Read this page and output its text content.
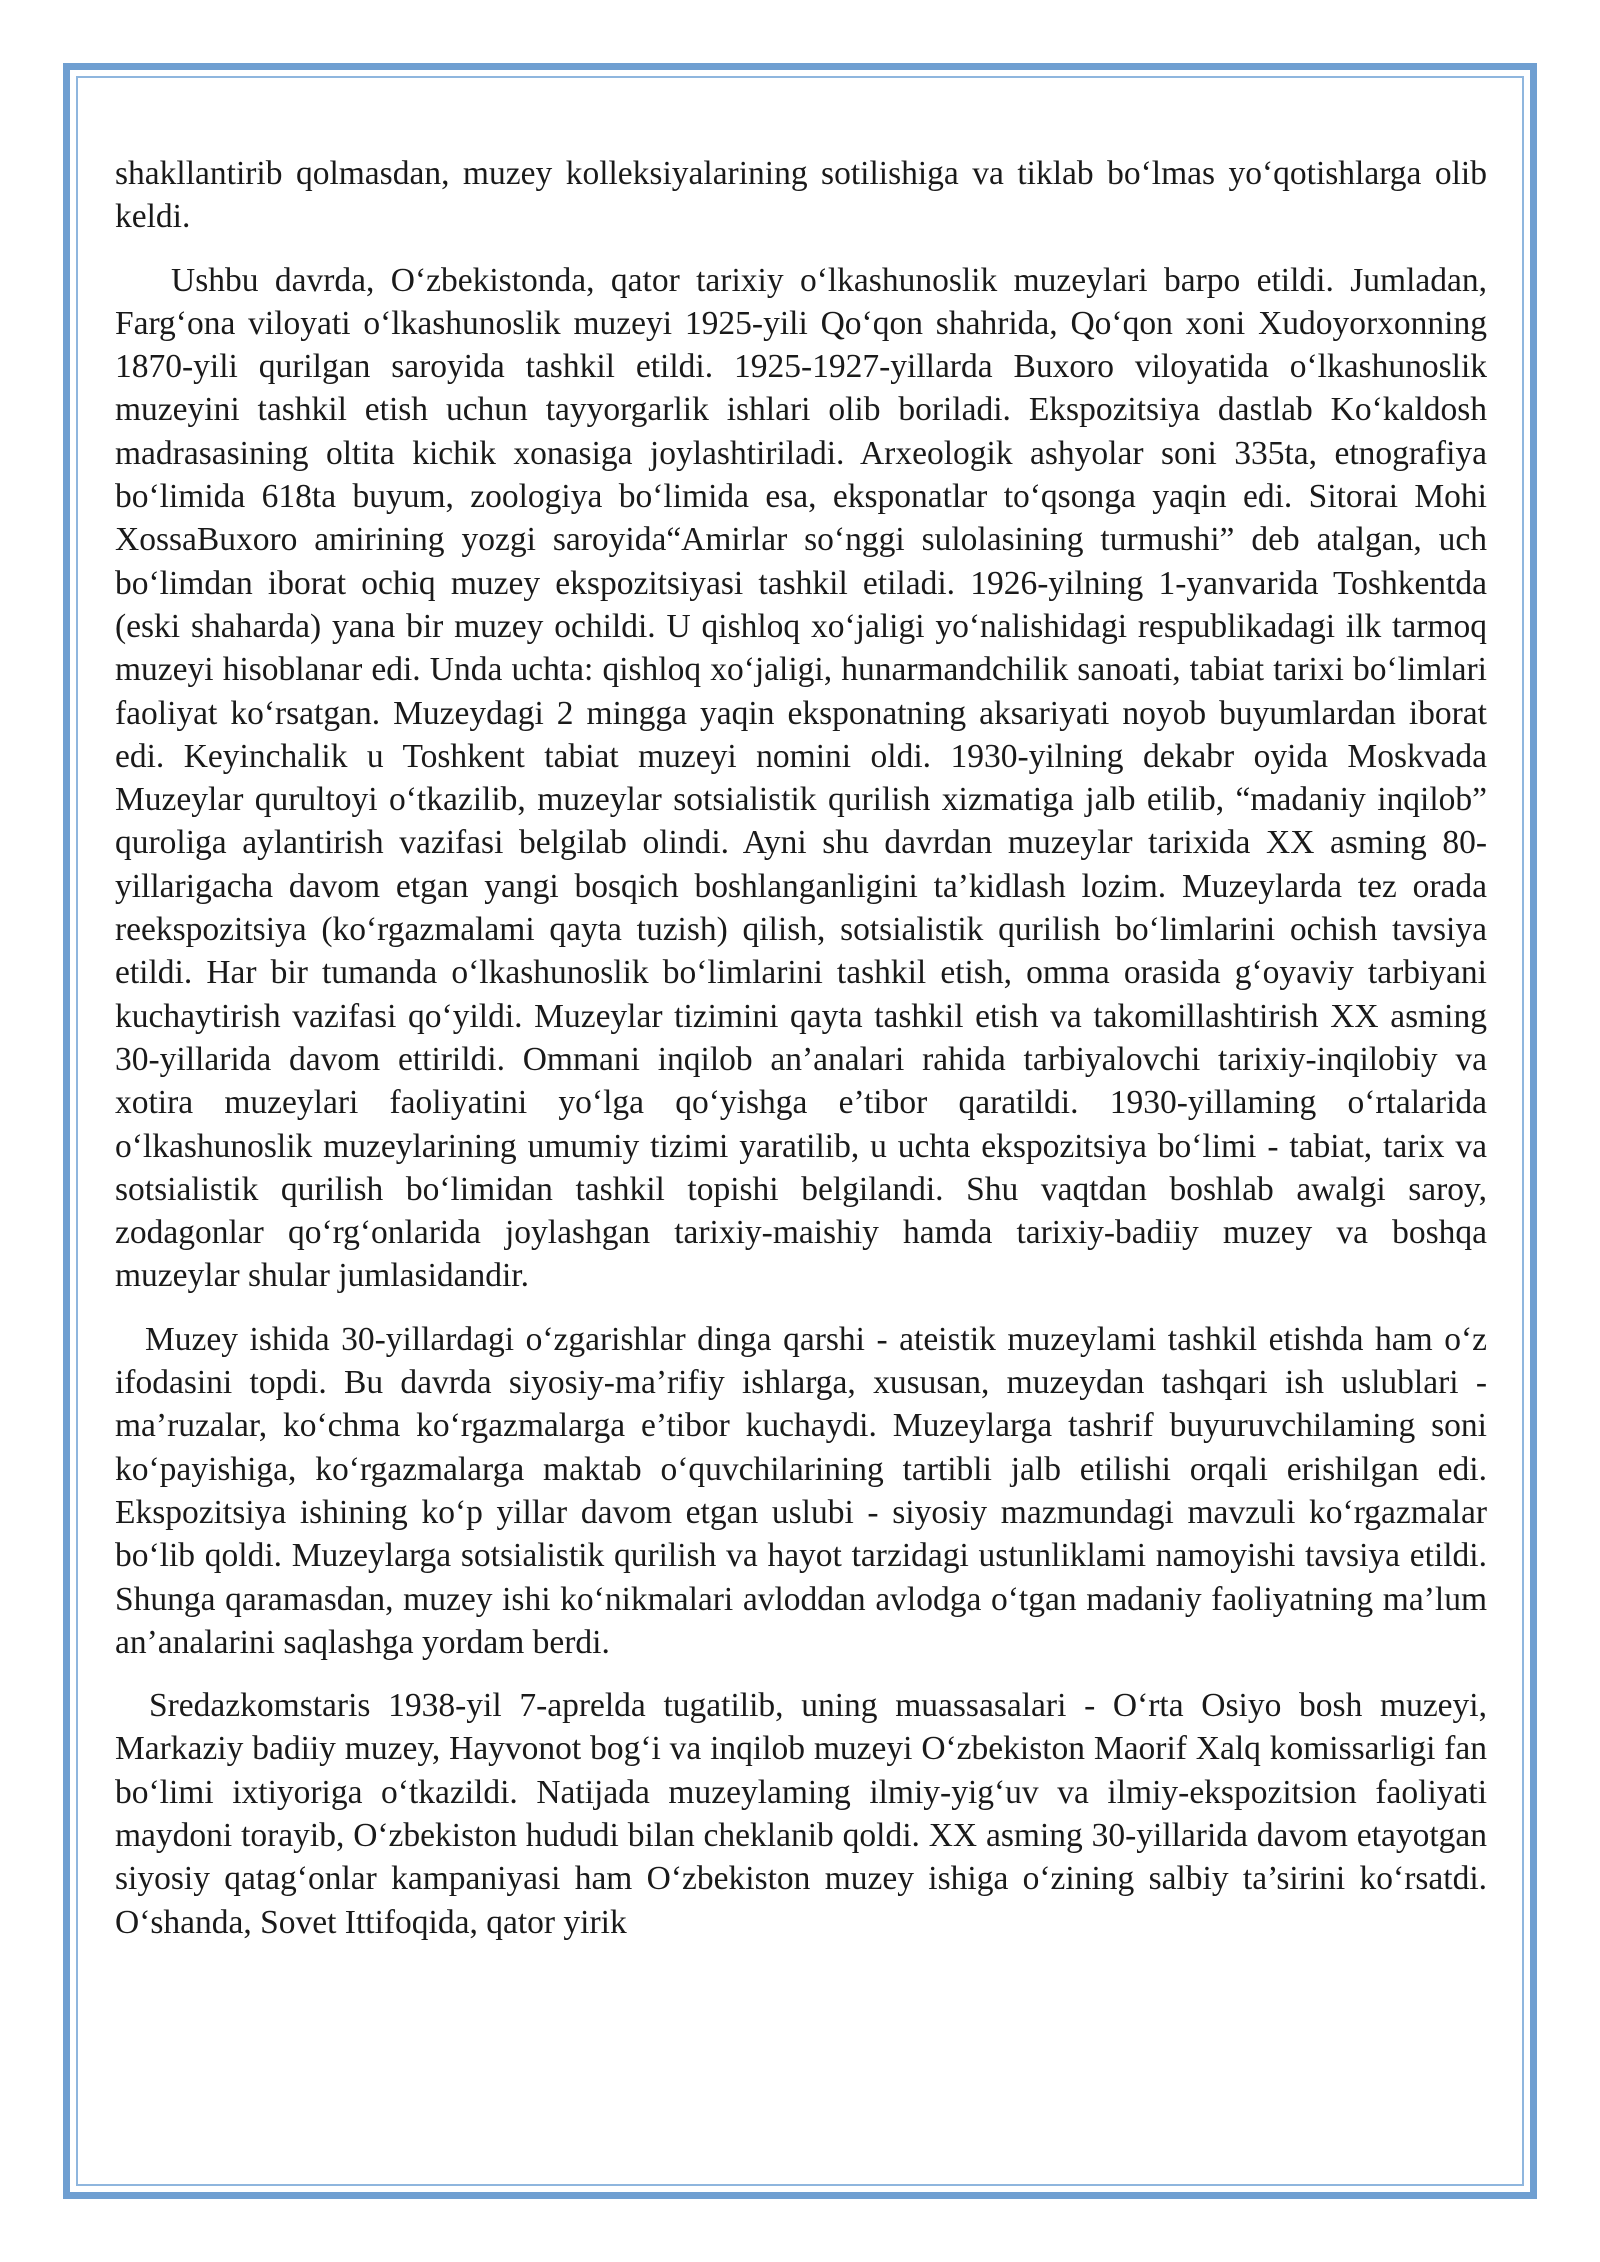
shakllantirib qolmasdan, muzey kolleksiyalarining sotilishiga va tiklab bo‘lmas yo‘qotishlarga olib keldi.

Ushbu davrda, O‘zbekistonda, qator tarixiy o‘lkashunoslik muzeylari barpo etildi. Jumladan, Farg‘ona viloyati o‘lkashunoslik muzeyi 1925-yili Qo‘qon shahrida, Qo‘qon xoni Xudoyorxonning 1870-yili qurilgan saroyida tashkil etildi. 1925-1927-yillarda Buxoro viloyatida o‘lkashunoslik muzeyini tashkil etish uchun tayyorgarlik ishlari olib boriladi. Ekspozitsiya dastlab Ko‘kaldosh madrasasining oltita kichik xonasiga joylashtiriladi. Arxeologik ashyolar soni 335ta, etnografiya bo‘limida 618ta buyum, zoologiya bo‘limida esa, eksponatlar to‘qsonga yaqin edi. Sitorai Mohi XossaBuxoro amirining yozgi saroyida“Amirlar so‘nggi sulolasining turmushi” deb atalgan, uch bo‘limdan iborat ochiq muzey ekspozitsiyasi tashkil etiladi. 1926-yilning 1-yanvarida Toshkentda (eski shaharda) yana bir muzey ochildi. U qishloq xo‘jaligi yo‘nalishidagi respublikadagi ilk tarmoq muzeyi hisoblanar edi. Unda uchta: qishloq xo‘jaligi, hunarmandchilik sanoati, tabiat tarixi bo‘limlari faoliyat ko‘rsatgan. Muzeydagi 2 mingga yaqin eksponatning aksariyati noyob buyumlardan iborat edi. Keyinchalik u Toshkent tabiat muzeyi nomini oldi. 1930-yilning dekabr oyida Moskvada Muzeylar qurultoyi o‘tkazilib, muzeylar sotsialistik qurilish xizmatiga jalb etilib, “madaniy inqilob” quroliga aylantirish vazifasi belgilab olindi. Ayni shu davrdan muzeylar tarixida XX asming 80-yillarigacha davom etgan yangi bosqich boshlanganligini ta’kidlash lozim. Muzeylarda tez orada reekspozitsiya (ko‘rgazmalami qayta tuzish) qilish, sotsialistik qurilish bo‘limlarini ochish tavsiya etildi. Har bir tumanda o‘lkashunoslik bo‘limlarini tashkil etish, omma orasida g‘oyaviy tarbiyani kuchaytirish vazifasi qo‘yildi. Muzeylar tizimini qayta tashkil etish va takomillashtirish XX asming 30-yillarida davom ettirildi. Ommani inqilob an’analari rahida tarbiyalovchi tarixiy-inqilobiy va xotira muzeylari faoliyatini yo‘lga qo‘yishga e’tibor qaratildi. 1930-yillaming o‘rtalarida o‘lkashunoslik muzeylarining umumiy tizimi yaratilib, u uchta ekspozitsiya bo‘limi - tabiat, tarix va sotsialistik qurilish bo‘limidan tashkil topishi belgilandi. Shu vaqtdan boshlab awalgi saroy, zodagonlar qo‘rg‘onlarida joylashgan tarixiy-maishiy hamda tarixiy-badiiy muzey va boshqa muzeylar shular jumlasidandir.

Muzey ishida 30-yillardagi o‘zgarishlar dinga qarshi - ateistik muzeylami tashkil etishda ham o‘z ifodasini topdi. Bu davrda siyosiy-ma’rifiy ishlarga, xususan, muzeydan tashqari ish uslublari - ma’ruzalar, ko‘chma ko‘rgazmalarga e’tibor kuchaydi. Muzeylarga tashrif buyuruvchilaming soni ko‘payishiga, ko‘rgazmalarga maktab o‘quvchilarining tartibli jalb etilishi orqali erishilgan edi. Ekspozitsiya ishining ko‘p yillar davom etgan uslubi - siyosiy mazmundagi mavzuli ko‘rgazmalar bo‘lib qoldi. Muzeylarga sotsialistik qurilish va hayot tarzidagi ustunliklami namoyishi tavsiya etildi. Shunga qaramasdan, muzey ishi ko‘nikmalari avloddan avlodga o‘tgan madaniy faoliyatning ma’lum an’analarini saqlashga yordam berdi.

Sredazkomstaris 1938-yil 7-aprelda tugatilib, uning muassasalari - O‘rta Osiyo bosh muzeyi, Markaziy badiiy muzey, Hayvonot bog‘i va inqilob muzeyi O‘zbekiston Maorif Xalq komissarligi fan bo‘limi ixtiyoriga o‘tkazildi. Natijada muzeylaming ilmiy-yig‘uv va ilmiy-ekspozitsion faoliyati maydoni torayib, O‘zbekiston hududi bilan cheklanib qoldi. XX asming 30-yillarida davom etayotgan siyosiy qatag‘onlar kampaniyasi ham O‘zbekiston muzey ishiga o‘zining salbiy ta’sirini ko‘rsatdi. O‘shanda, Sovet Ittifoqida, qator yirik
